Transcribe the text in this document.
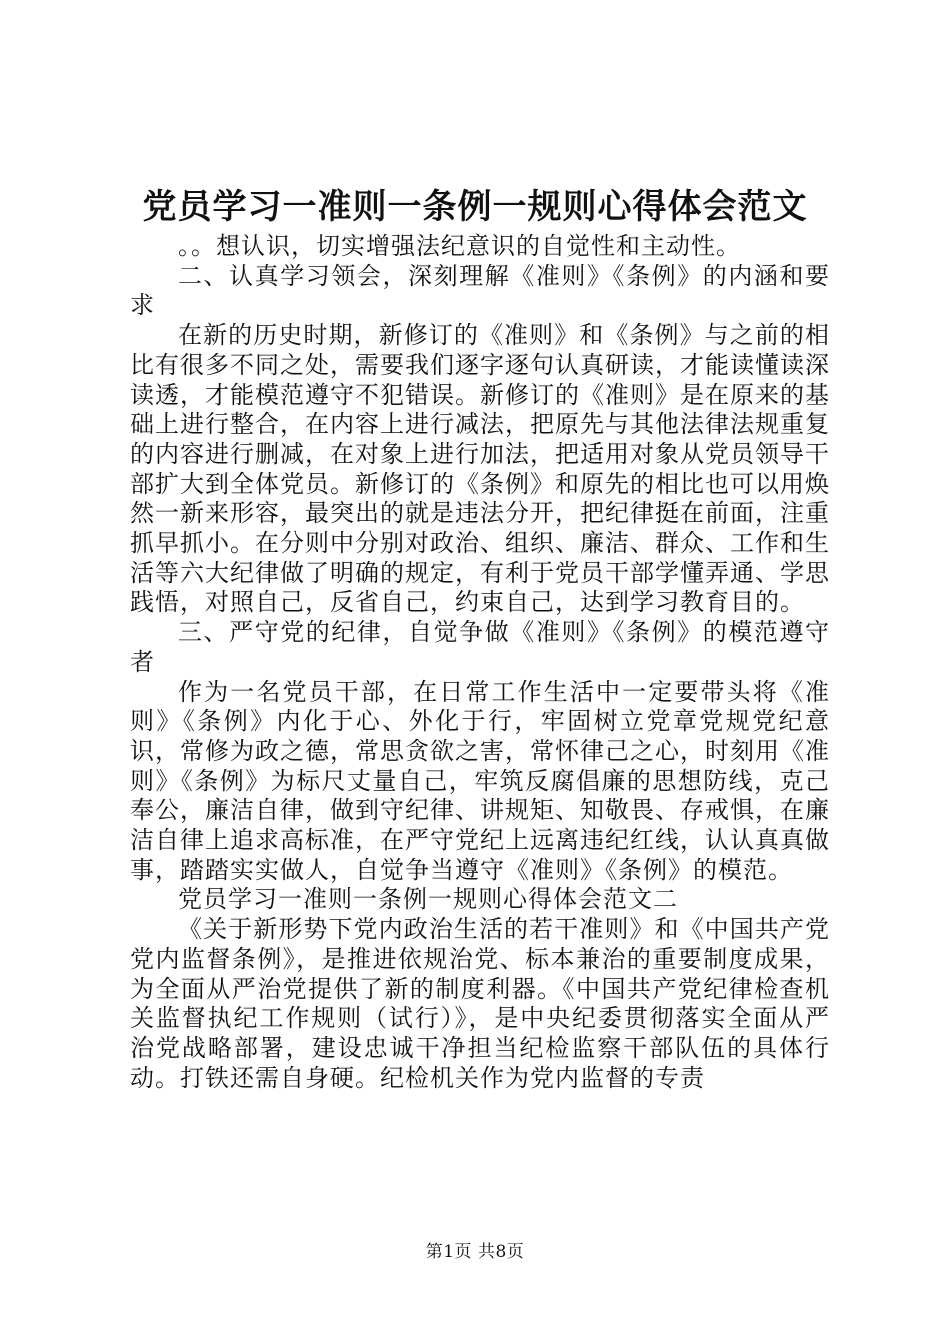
党员学习一准则一条例一规则心得体会范文

。。想认识，切实增强法纪意识的自觉性和主动性。

二、认真学习领会，深刻理解《准则》《条例》的内涵和要求

在新的历史时期，新修订的《准则》和《条例》与之前的相比有很多不同之处，需要我们逐字逐句认真研读，才能读懂读深读透，才能模范遵守不犯错误。新修订的《准则》是在原来的基础上进行整合，在内容上进行减法，把原先与其他法律法规重复的内容进行删减，在对象上进行加法，把适用对象从党员领导干部扩大到全体党员。新修订的《条例》和原先的相比也可以用焕然一新来形容，最突出的就是违法分开，把纪律挺在前面，注重抓早抓小。在分则中分别对政治、组织、廉洁、群众、工作和生活等六大纪律做了明确的规定，有利于党员干部学懂弄通、学思践悟，对照自己，反省自己，约束自己，达到学习教育目的。

三、严守党的纪律，自觉争做《准则》《条例》的模范遵守者

作为一名党员干部，在日常工作生活中一定要带头将《准则》《条例》内化于心、外化于行，牢固树立党章党规党纪意识，常修为政之德，常思贪欲之害，常怀律己之心，时刻用《准则》《条例》为标尺丈量自己，牢筑反腐倡廉的思想防线，克己奉公，廉洁自律，做到守纪律、讲规矩、知敬畏、存戒惧，在廉洁自律上追求高标准，在严守党纪上远离违纪红线，认认真真做事，踏踏实实做人，自觉争当遵守《准则》《条例》的模范。

党员学习一准则一条例一规则心得体会范文二

《关于新形势下党内政治生活的若干准则》和《中国共产党党内监督条例》，是推进依规治党、标本兼治的重要制度成果，为全面从严治党提供了新的制度利器。《中国共产党纪律检查机关监督执纪工作规则（试行）》，是中央纪委贯彻落实全面从严治党战略部署，建设忠诚干净担当纪检监察干部队伍的具体行动。打铁还需自身硬。纪检机关作为党内监督的专责

第1页 共8页
